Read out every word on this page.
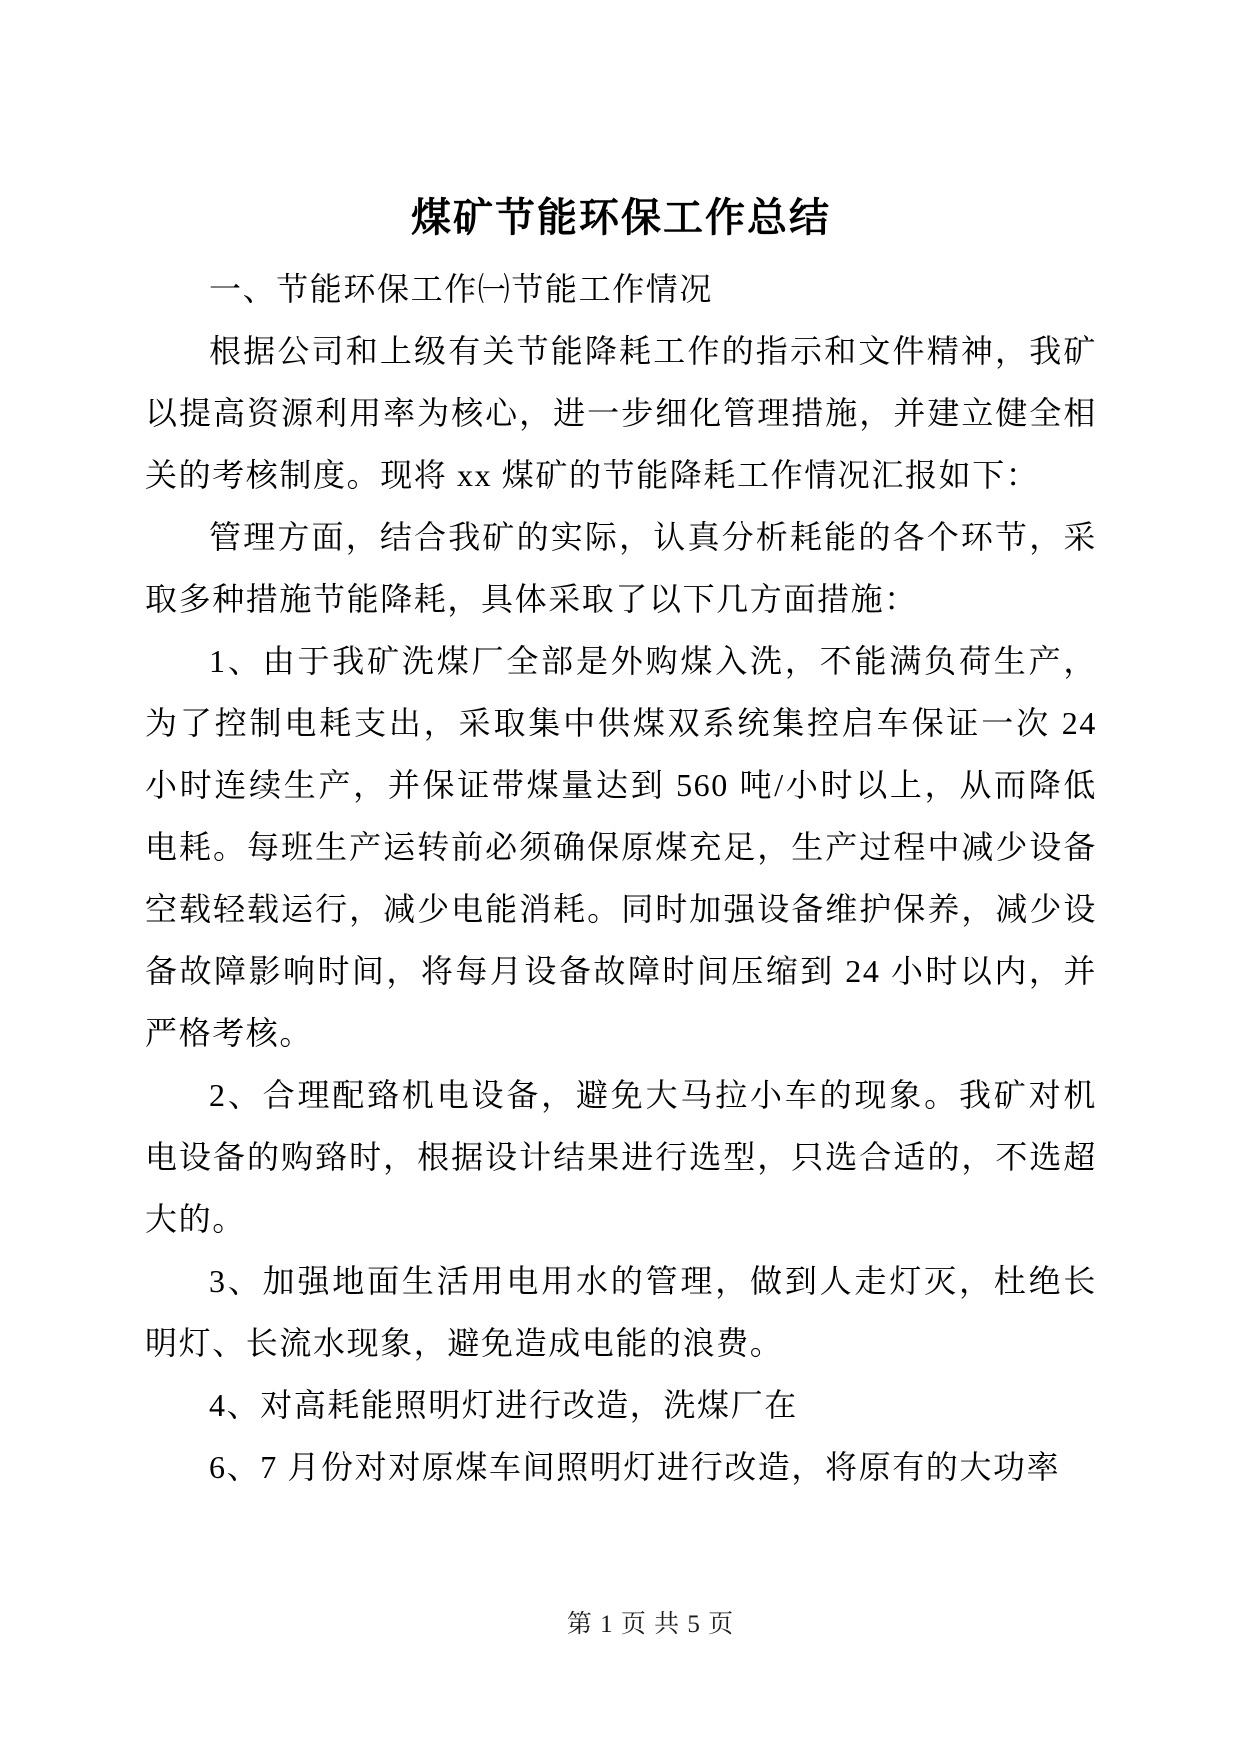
煤矿节能环保工作总结

一、节能环保工作㈠节能工作情况

根据公司和上级有关节能降耗工作的指示和文件精神，我矿以提高资源利用率为核心，进一步细化管理措施，并建立健全相关的考核制度。现将 xx 煤矿的节能降耗工作情况汇报如下：

管理方面，结合我矿的实际，认真分析耗能的各个环节，采取多种措施节能降耗，具体采取了以下几方面措施：

1、由于我矿洗煤厂全部是外购煤入洗，不能满负荷生产，为了控制电耗支出，采取集中供煤双系统集控启车保证一次 24 小时连续生产，并保证带煤量达到 560 吨/小时以上，从而降低电耗。每班生产运转前必须确保原煤充足，生产过程中减少设备空载轻载运行，减少电能消耗。同时加强设备维护保养，减少设备故障影响时间，将每月设备故障时间压缩到 24 小时以内，并严格考核。

2、合理配臵机电设备，避免大马拉小车的现象。我矿对机电设备的购臵时，根据设计结果进行选型，只选合适的，不选超大的。

3、加强地面生活用电用水的管理，做到人走灯灭，杜绝长明灯、长流水现象，避免造成电能的浪费。

4、对高耗能照明灯进行改造，洗煤厂在

6、7 月份对对原煤车间照明灯进行改造，将原有的大功率

第 1 页 共 5 页
